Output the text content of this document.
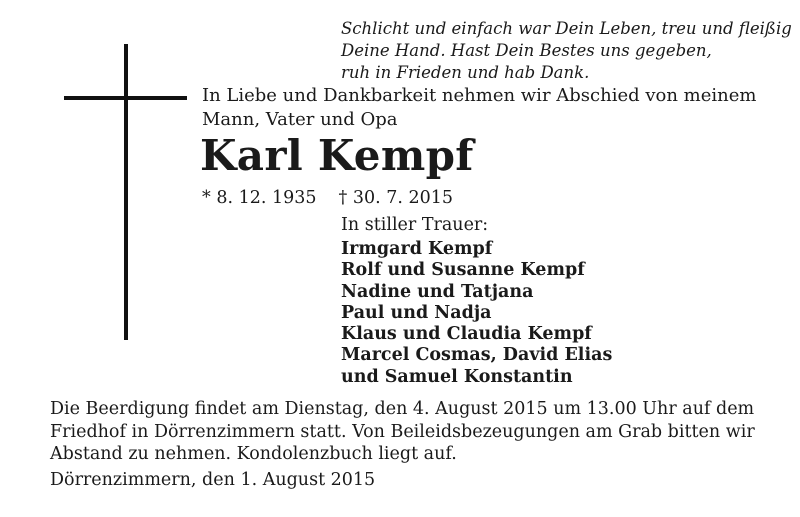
Schlicht und einfach war Dein Leben, treu und fleißig
Deine Hand. Hast Dein Bestes uns gegeben,
ruh in Frieden und hab Dank.
In Liebe und Dankbarkeit nehmen wir Abschied von meinem
Mann, Vater und Opa
Karl Kempf
* 8. 12. 1935 † 30. 7. 2015
In stiller Trauer:
Irmgard Kempf
Rolf und Susanne Kempf
Nadine und Tatjana
Paul und Nadja
Klaus und Claudia Kempf
Marcel Cosmas, David Elias
und Samuel Konstantin
Die Beerdigung findet am Dienstag, den 4. August 2015 um 13.00 Uhr auf dem
Friedhof in Dörrenzimmern statt. Von Beileidsbezeugungen am Grab bitten wir
Abstand zu nehmen. Kondolenzbuch liegt auf.
Dörrenzimmern, den 1. August 2015
